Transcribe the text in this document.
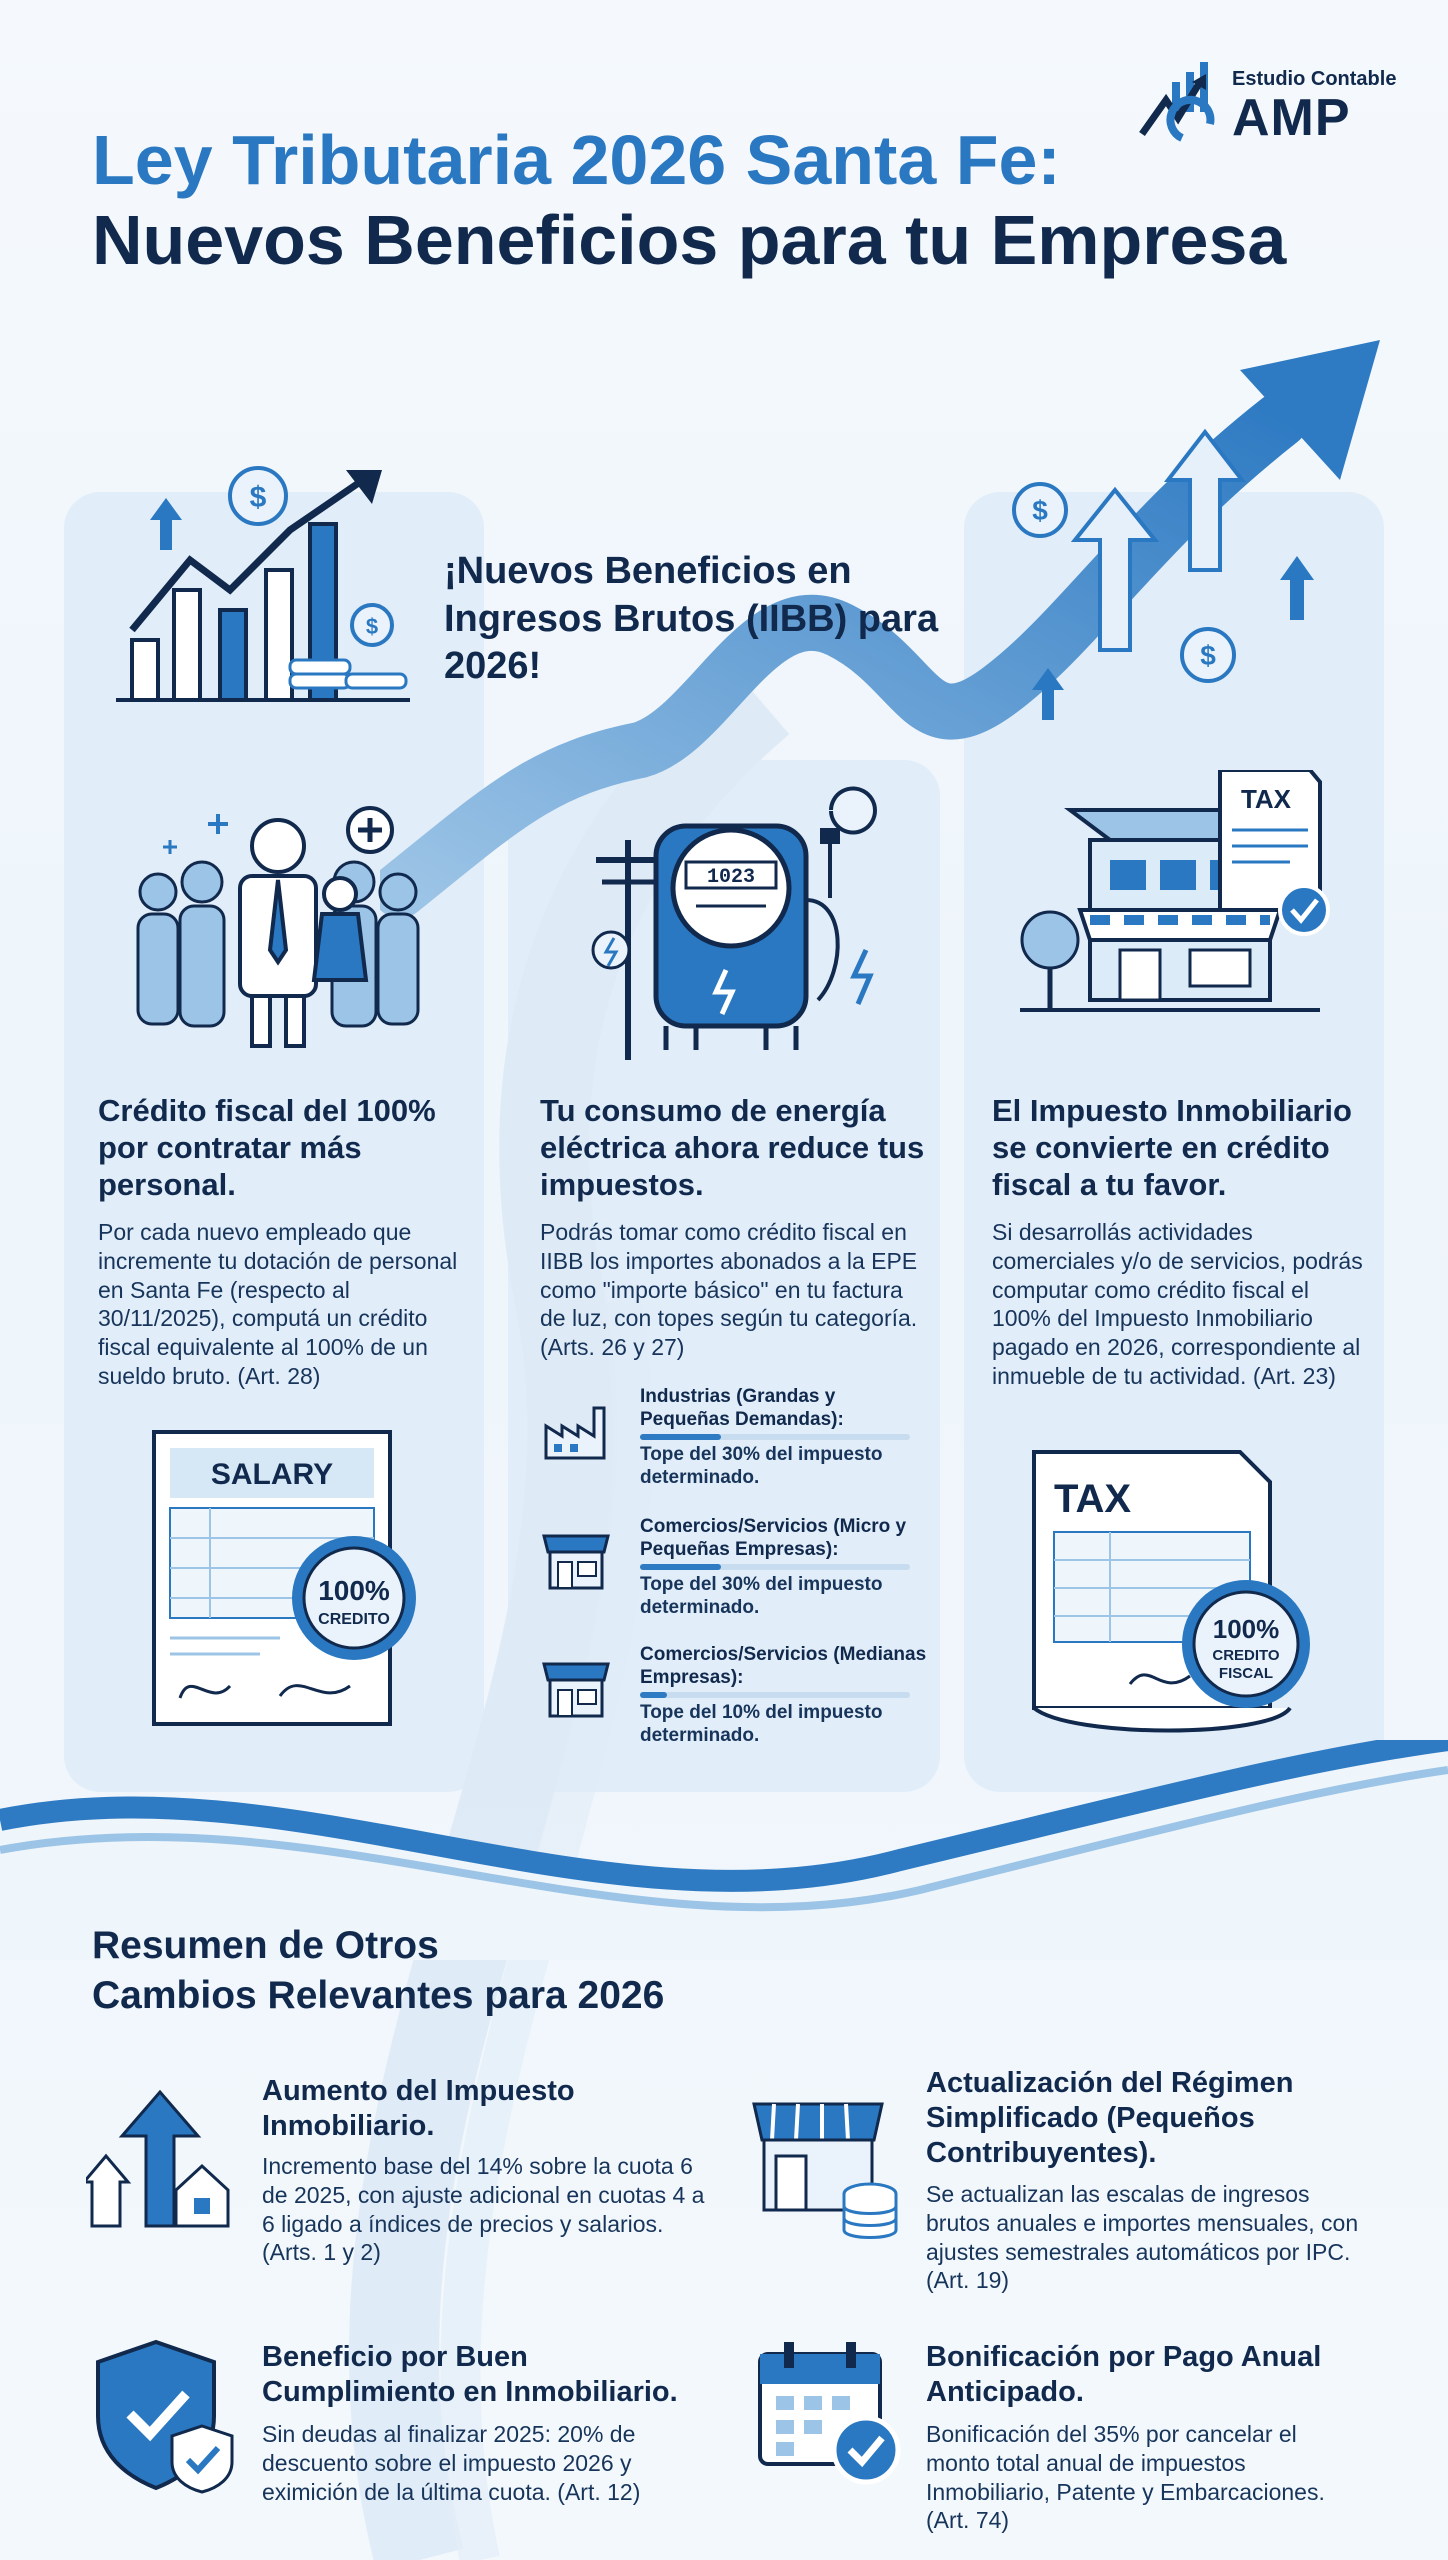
Estudio Contable
AMP
Ley Tributaria 2026 Santa Fe:
Nuevos Beneficios para tu Empresa
$
$
$
$
¡Nuevos Beneficios en Ingresos Brutos (IIBB) para 2026!
1023
TAX
Crédito fiscal del 100% por contratar más personal.
Por cada nuevo empleado que incremente tu dotación de personal en Santa Fe (respecto al 30/11/2025), computá un crédito fiscal equivalente al 100% de un sueldo bruto. (Art. 28)
Tu consumo de energía eléctrica ahora reduce tus impuestos.
Podrás tomar como crédito fiscal en IIBB los importes abonados a la EPE como "importe básico" en tu factura de luz, con topes según tu categoría. (Arts. 26 y 27)
El Impuesto Inmobiliario se convierte en crédito fiscal a tu favor.
Si desarrollás actividades comerciales y/o de servicios, podrás computar como crédito fiscal el 100% del Impuesto Inmobiliario pagado en 2026, correspondiente al inmueble de tu actividad. (Art. 23)
Industrias (Grandas y Pequeñas Demandas):
Tope del 30% del impuesto determinado.
Comercios/Servicios (Micro y Pequeñas Empresas):
Tope del 30% del impuesto determinado.
Comercios/Servicios (Medianas Empresas):
Tope del 10% del impuesto determinado.
SALARY
100%
CREDITO
TAX
100%
CREDITO
FISCAL
Resumen de Otros
Cambios Relevantes para 2026
Aumento del Impuesto Inmobiliario.
Incremento base del 14% sobre la cuota 6 de 2025, con ajuste adicional en cuotas 4 a 6 ligado a índices de precios y salarios. (Arts. 1 y 2)
Actualización del Régimen Simplificado (Pequeños Contribuyentes).
Se actualizan las escalas de ingresos brutos anuales e importes mensuales, con ajustes semestrales automáticos por IPC. (Art. 19)
Beneficio por Buen Cumplimiento en Inmobiliario.
Sin deudas al finalizar 2025: 20% de descuento sobre el impuesto 2026 y eximición de la última cuota. (Art. 12)
Bonificación por Pago Anual Anticipado.
Bonificación del 35% por cancelar el monto total anual de impuestos Inmobiliario, Patente y Embarcaciones. (Art. 74)
